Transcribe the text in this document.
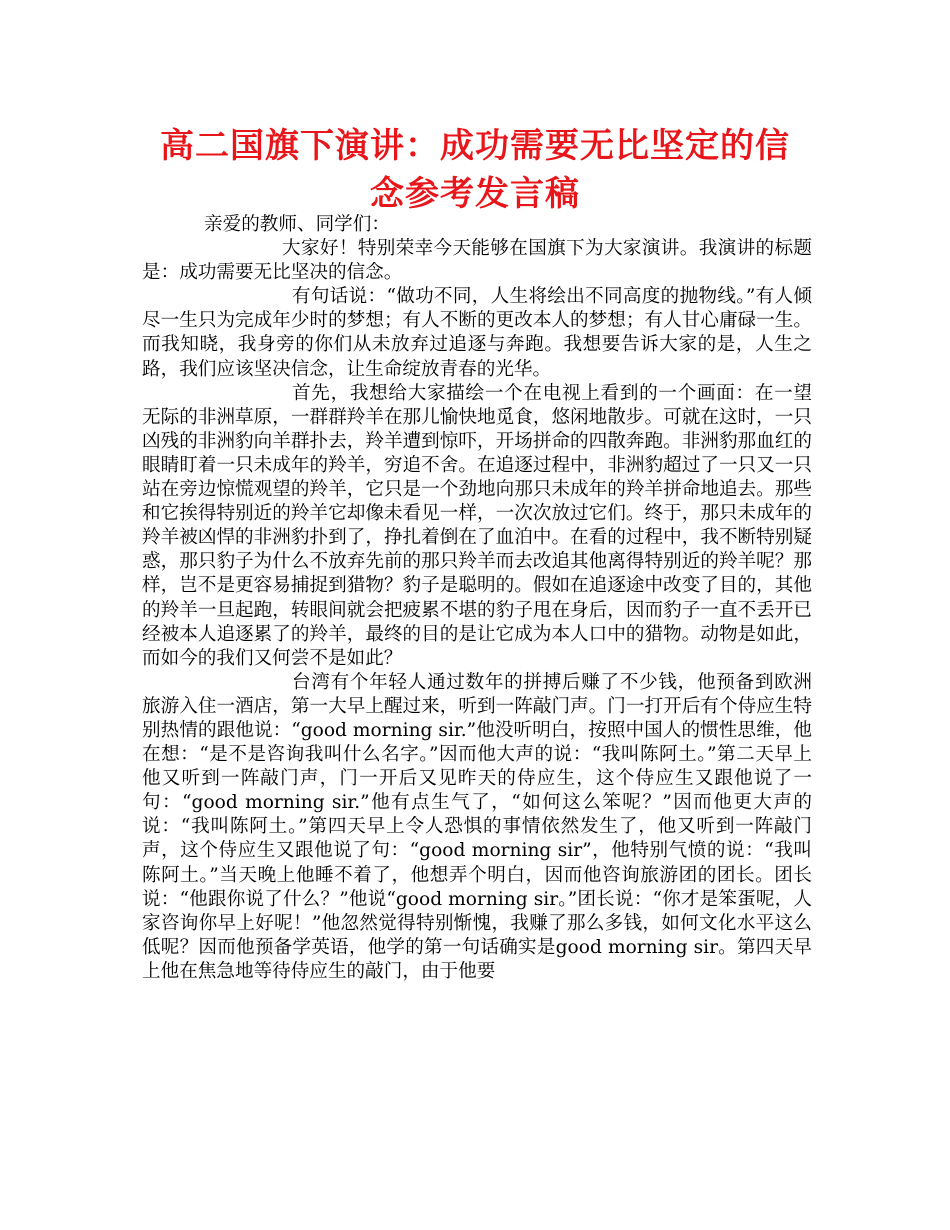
高二国旗下演讲：成功需要无比坚定的信
念参考发言稿

亲爱的教师、同学们：

大家好！特别荣幸今天能够在国旗下为大家演讲。我演讲的标题是：成功需要无比坚决的信念。

有句话说：“做功不同，人生将绘出不同高度的抛物线。”有人倾尽一生只为完成年少时的梦想；有人不断的更改本人的梦想；有人甘心庸碌一生。而我知晓，我身旁的你们从未放弃过追逐与奔跑。我想要告诉大家的是，人生之路，我们应该坚决信念，让生命绽放青春的光华。

首先，我想给大家描绘一个在电视上看到的一个画面：在一望无际的非洲草原，一群群羚羊在那儿愉快地觅食，悠闲地散步。可就在这时，一只凶残的非洲豹向羊群扑去，羚羊遭到惊吓，开场拼命的四散奔跑。非洲豹那血红的眼睛盯着一只未成年的羚羊，穷追不舍。在追逐过程中，非洲豹超过了一只又一只站在旁边惊慌观望的羚羊，它只是一个劲地向那只未成年的羚羊拼命地追去。那些和它挨得特别近的羚羊它却像未看见一样，一次次放过它们。终于，那只未成年的羚羊被凶悍的非洲豹扑到了，挣扎着倒在了血泊中。在看的过程中，我不断特别疑惑，那只豹子为什么不放弃先前的那只羚羊而去改追其他离得特别近的羚羊呢？那样，岂不是更容易捕捉到猎物？豹子是聪明的。假如在追逐途中改变了目的，其他的羚羊一旦起跑，转眼间就会把疲累不堪的豹子甩在身后，因而豹子一直不丢开已经被本人追逐累了的羚羊，最终的目的是让它成为本人口中的猎物。动物是如此，而如今的我们又何尝不是如此？

台湾有个年轻人通过数年的拼搏后赚了不少钱，他预备到欧洲旅游入住一酒店，第一大早上醒过来，听到一阵敲门声。门一打开后有个侍应生特别热情的跟他说：“good morning sir.”他没听明白，按照中国人的惯性思维，他在想：“是不是咨询我叫什么名字。”因而他大声的说：“我叫陈阿土。”第二天早上他又听到一阵敲门声，门一开后又见昨天的侍应生，这个侍应生又跟他说了一句：“good morning sir.”他有点生气了，“如何这么笨呢？”因而他更大声的说：“我叫陈阿土。”第四天早上令人恐惧的事情依然发生了，他又听到一阵敲门声，这个侍应生又跟他说了句：“good morning sir”，他特别气愤的说：“我叫陈阿土。”当天晚上他睡不着了，他想弄个明白，因而他咨询旅游团的团长。团长说：“他跟你说了什么？”他说“good morning sir。”团长说：“你才是笨蛋呢，人家咨询你早上好呢！”他忽然觉得特别惭愧，我赚了那么多钱，如何文化水平这么低呢？因而他预备学英语，他学的第一句话确实是good morning sir。第四天早上他在焦急地等待侍应生的敲门，由于他要
